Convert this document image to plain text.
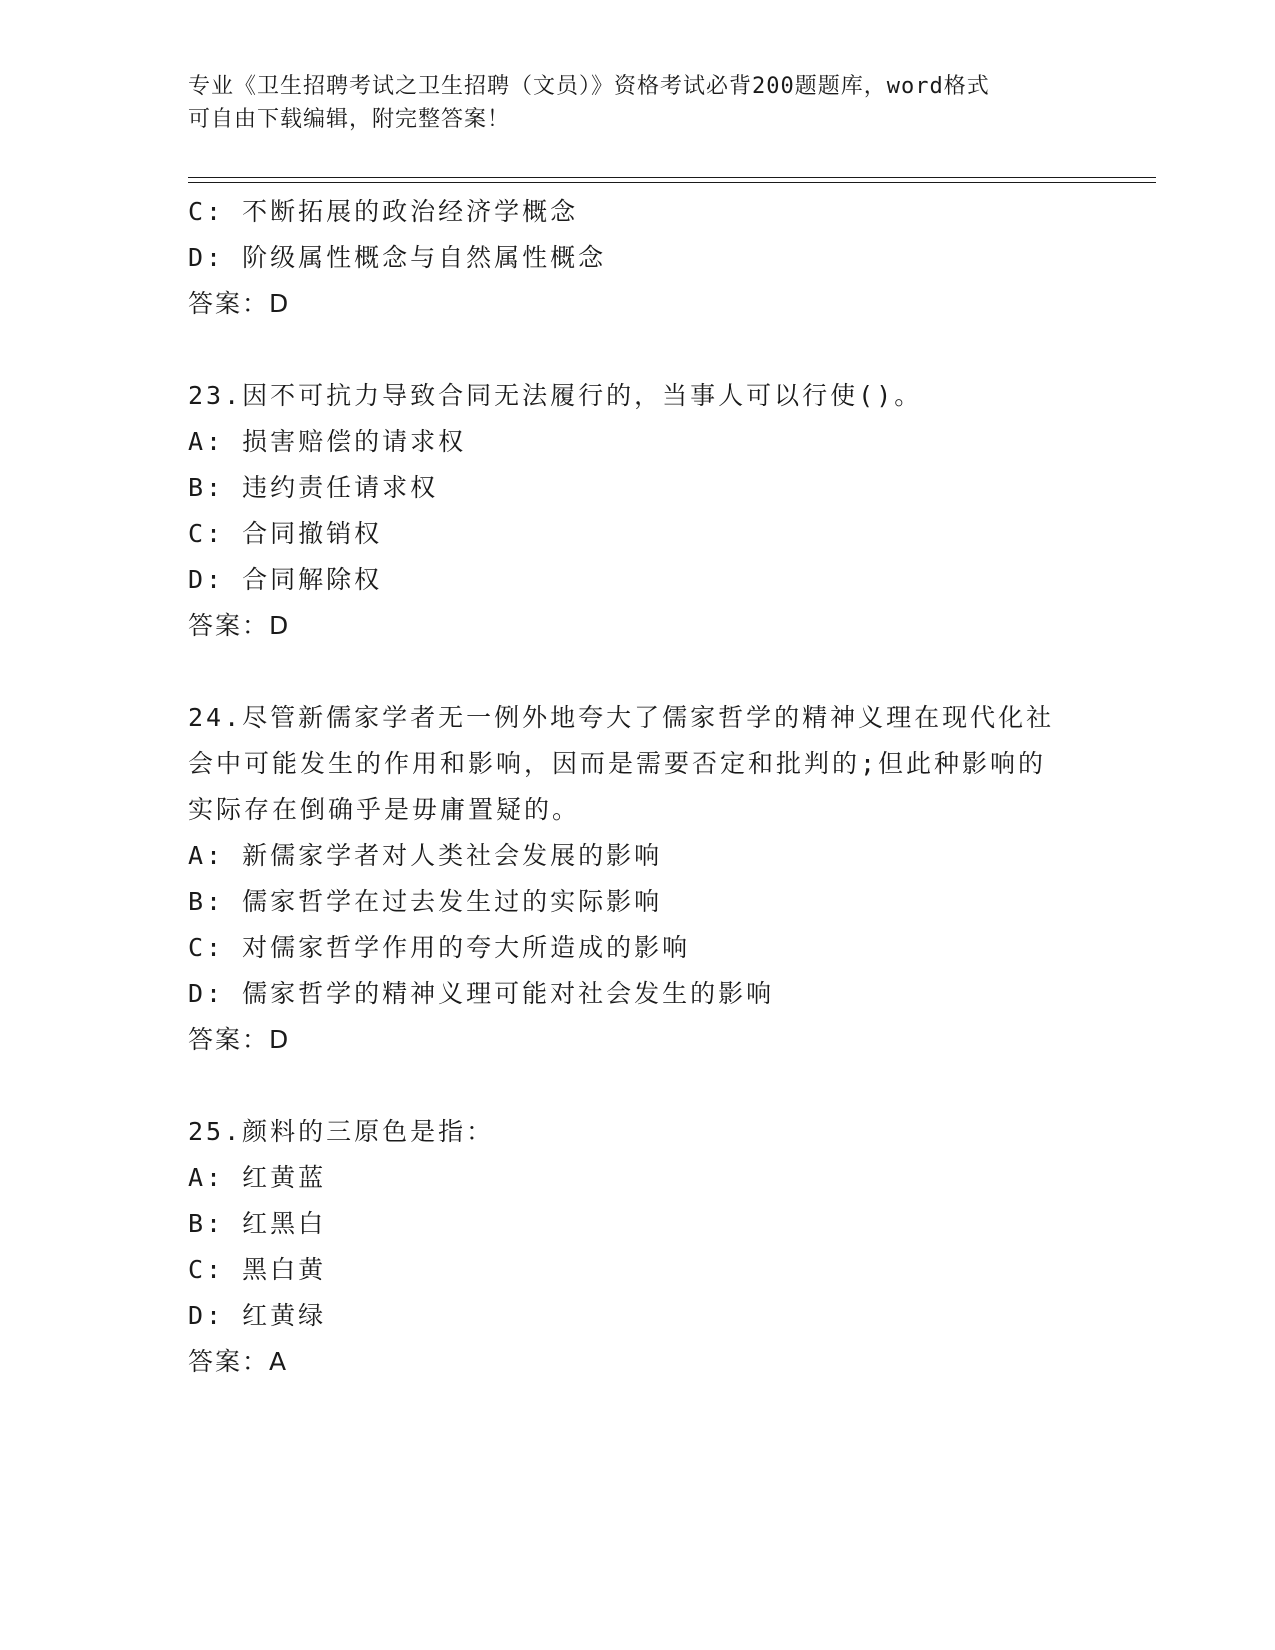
专业《卫生招聘考试之卫生招聘（文员）》资格考试必背200题题库，word格式
可自由下载编辑，附完整答案！
C: 不断拓展的政治经济学概念
D: 阶级属性概念与自然属性概念
答案：D
23.因不可抗力导致合同无法履行的，当事人可以行使()。
A: 损害赔偿的请求权
B: 违约责任请求权
C: 合同撤销权
D: 合同解除权
答案：D
24.尽管新儒家学者无一例外地夸大了儒家哲学的精神义理在现代化社
会中可能发生的作用和影响，因而是需要否定和批判的;但此种影响的
实际存在倒确乎是毋庸置疑的。
A: 新儒家学者对人类社会发展的影响
B: 儒家哲学在过去发生过的实际影响
C: 对儒家哲学作用的夸大所造成的影响
D: 儒家哲学的精神义理可能对社会发生的影响
答案：D
25.颜料的三原色是指：
A: 红黄蓝
B: 红黑白
C: 黑白黄
D: 红黄绿
答案：A
